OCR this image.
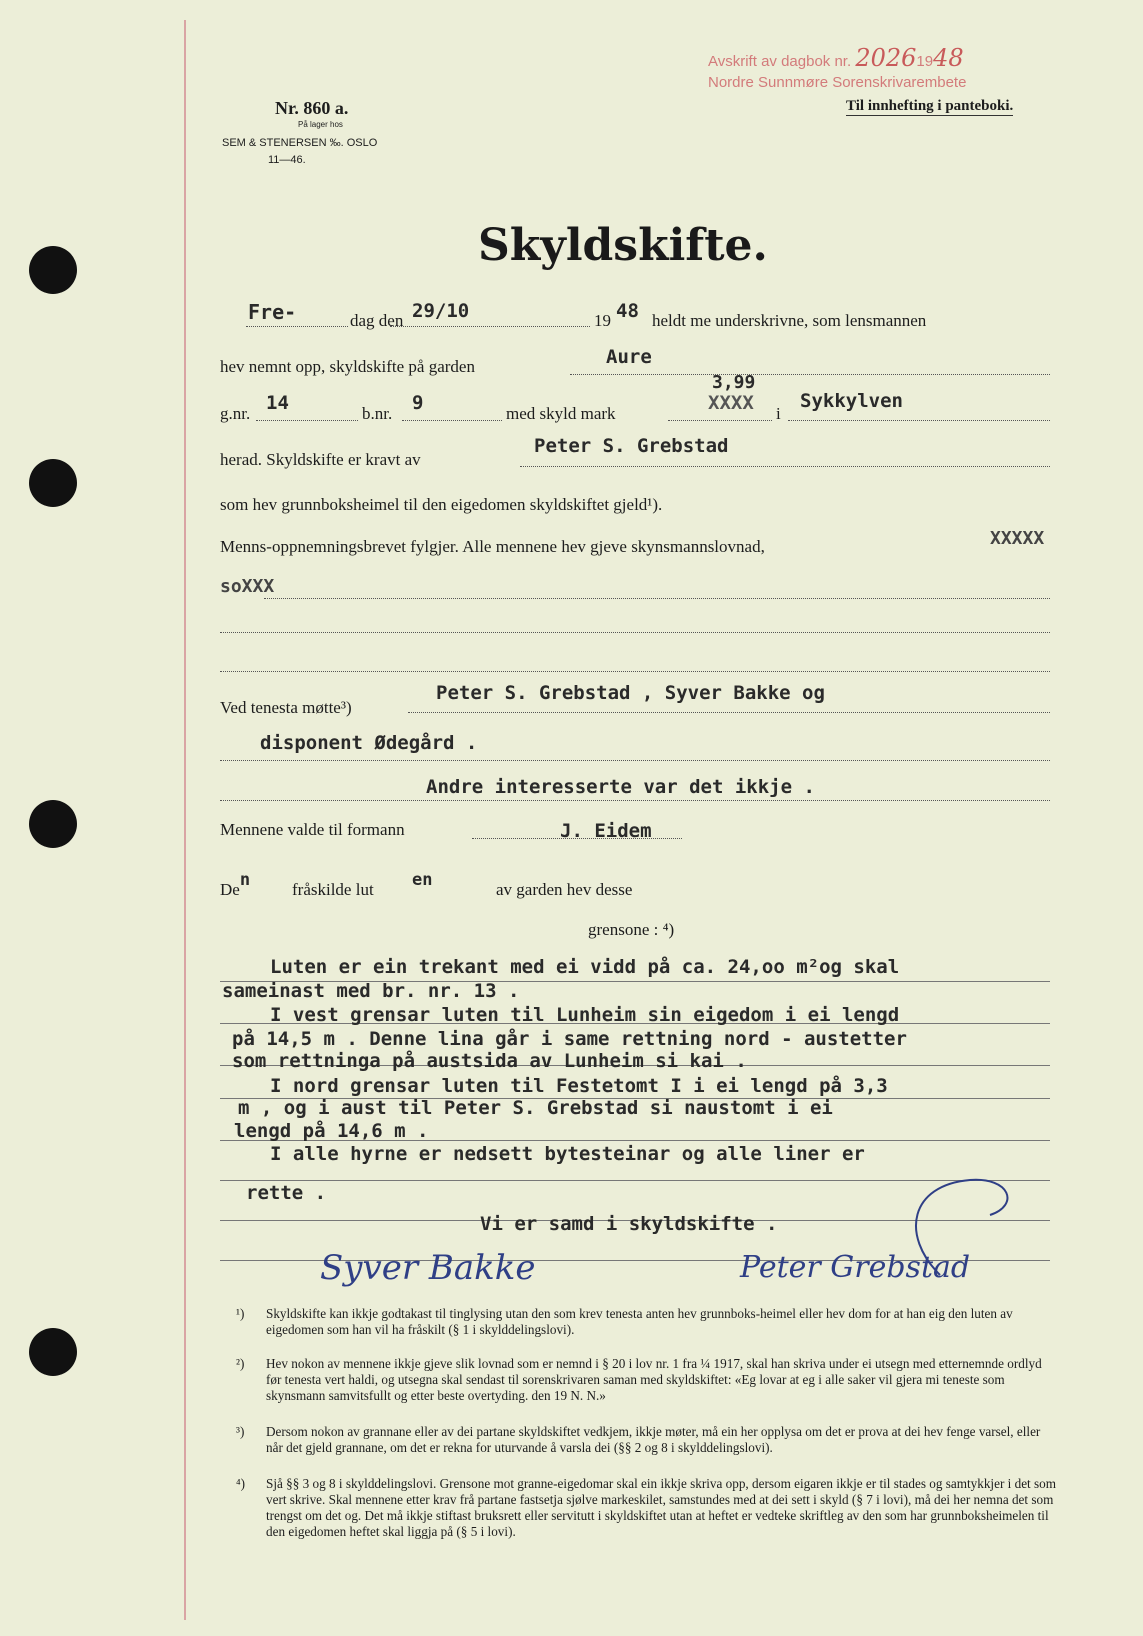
Avskrift av dagbok nr. 20261948
Nordre Sunnmøre Sorenskrivarembete
Til innhefting i panteboki.
Nr. 860 a.
På lager hos
SEM & STENERSEN ‰. OSLO
11—46.
Skyldskifte.
Fre-	dag den 29/10	19 48 heldt me underskrivne, som lensmannen
hev nemnt opp, skyldskifte på garden	Aure
g.nr. 14	b.nr. 9	med skyld mark
3,99
XXXX i
Sykkylven
herad. Skyldskifte er kravt av
Peter S. Grebstad
som hev grunnboksheimel til den eigedomen skyldskiftet gjeld¹).
Menns-oppnemningsbrevet fylgjer. Alle mennene hev gjeve skynsmannslovnad,	XXXXX
soXXX
Ved tenesta møtte³)
Peter S. Grebstad , Syver Bakke og
disponent Ødegård .
Andre interesserte var det ikkje .
Mennene valde til formann	J. Eidem
Den fråskilde lut en	av garden hev desse
grensone : ⁴)
Luten er ein trekant med ei vidd på ca. 24,oo m²og skal
sameinast med br. nr. 13 .
I vest grensar luten til Lunheim sin eigedom i ei lengd
på 14,5 m . Denne lina går i same rettning nord - austetter
som rettninga på austsida av Lunheim si kai .
I nord grensar luten til Festetomt I i ei lengd på 3,3
m , og i aust til Peter S. Grebstad si naustomt i ei
lengd på 14,6 m .
I alle hyrne er nedsett bytesteinar og alle liner er
rette .
Vi er samd i skyldskifte .
Syver Bakke	Peter Grebstad
¹)	Skyldskifte kan ikkje godtakast til tinglysing utan den som krev tenesta anten hev grunnboks-heimel eller hev dom for at han eig den luten av eigedomen som han vil ha fråskilt (§ 1 i skylddelingslovi).
²)	Hev nokon av mennene ikkje gjeve slik lovnad som er nemnd i § 20 i lov nr. 1 fra ¼ 1917, skal han skriva under ei utsegn med etternemnde ordlyd før tenesta vert haldi, og utsegna skal sendast til sorenskrivaren saman med skyldskiftet: «Eg lovar at eg i alle saker vil gjera mi teneste som skynsmann samvitsfullt og etter beste overtyding. den 19 N. N.»
³)	Dersom nokon av grannane eller av dei partane skyldskiftet vedkjem, ikkje møter, må ein her opplysa om det er prova at dei hev fenge varsel, eller når det gjeld grannane, om det er rekna for uturvande å varsla dei (§§ 2 og 8 i skylddelingslovi).
⁴)	Sjå §§ 3 og 8 i skylddelingslovi. Grensone mot granne-eigedomar skal ein ikkje skriva opp, dersom eigaren ikkje er til stades og samtykkjer i det som vert skrive. Skal mennene etter krav frå partane fastsetja sjølve markeskilet, samstundes med at dei sett i skyld (§ 7 i lovi), må dei her nemna det som trengst om det og. Det må ikkje stiftast bruksrett eller servitutt i skyldskiftet utan at heftet er vedteke skriftleg av den som har grunnboksheimelen til den eigedomen heftet skal liggja på (§ 5 i lovi).
